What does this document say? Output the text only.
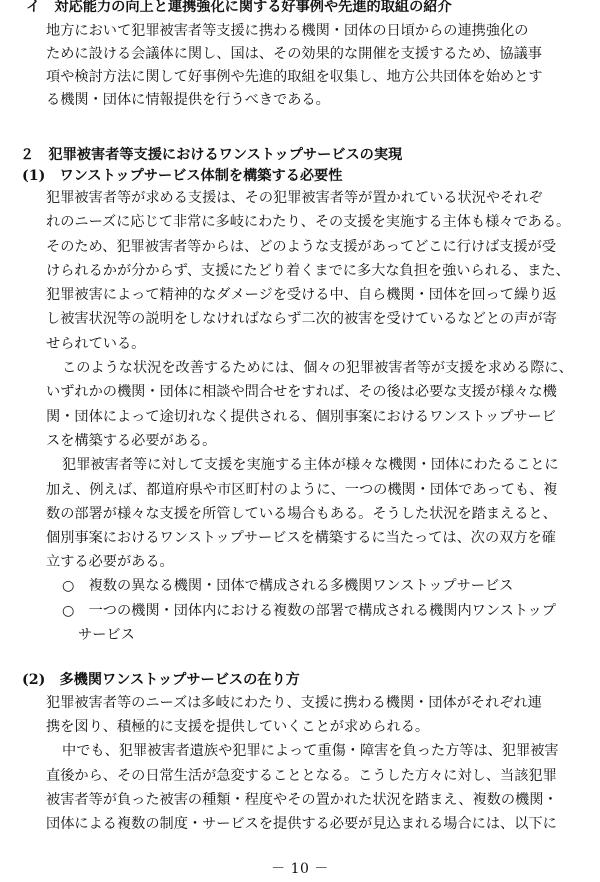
イ　対応能力の向上と連携強化に関する好事例や先進的取組の紹介
地方において犯罪被害者等支援に携わる機関・団体の日頃からの連携強化の
ために設ける会議体に関し、国は、その効果的な開催を支援するため、協議事
項や検討方法に関して好事例や先進的取組を収集し、地方公共団体を始めとす
る機関・団体に情報提供を行うべきである。
２　犯罪被害者等支援におけるワンストップサービスの実現
(1)　ワンストップサービス体制を構築する必要性
犯罪被害者等が求める支援は、その犯罪被害者等が置かれている状況やそれぞ
れのニーズに応じて非常に多岐にわたり、その支援を実施する主体も様々である。
そのため、犯罪被害者等からは、どのような支援があってどこに行けば支援が受
けられるかが分からず、支援にたどり着くまでに多大な負担を強いられる、また、
犯罪被害によって精神的なダメージを受ける中、自ら機関・団体を回って繰り返
し被害状況等の説明をしなければならず二次的被害を受けているなどとの声が寄
せられている。
このような状況を改善するためには、個々の犯罪被害者等が支援を求める際に、
いずれかの機関・団体に相談や問合せをすれば、その後は必要な支援が様々な機
関・団体によって途切れなく提供される、個別事案におけるワンストップサービ
スを構築する必要がある。
犯罪被害者等に対して支援を実施する主体が様々な機関・団体にわたることに
加え、例えば、都道府県や市区町村のように、一つの機関・団体であっても、複
数の部署が様々な支援を所管している場合もある。そうした状況を踏まえると、
個別事案におけるワンストップサービスを構築するに当たっては、次の双方を確
立する必要がある。
○　複数の異なる機関・団体で構成される多機関ワンストップサービス
○　一つの機関・団体内における複数の部署で構成される機関内ワンストップ
サービス
(2)　多機関ワンストップサービスの在り方
犯罪被害者等のニーズは多岐にわたり、支援に携わる機関・団体がそれぞれ連
携を図り、積極的に支援を提供していくことが求められる。
中でも、犯罪被害者遺族や犯罪によって重傷・障害を負った方等は、犯罪被害
直後から、その日常生活が急変することとなる。こうした方々に対し、当該犯罪
被害者等が負った被害の種類・程度やその置かれた状況を踏まえ、複数の機関・
団体による複数の制度・サービスを提供する必要が見込まれる場合には、以下に
－ 10 －
